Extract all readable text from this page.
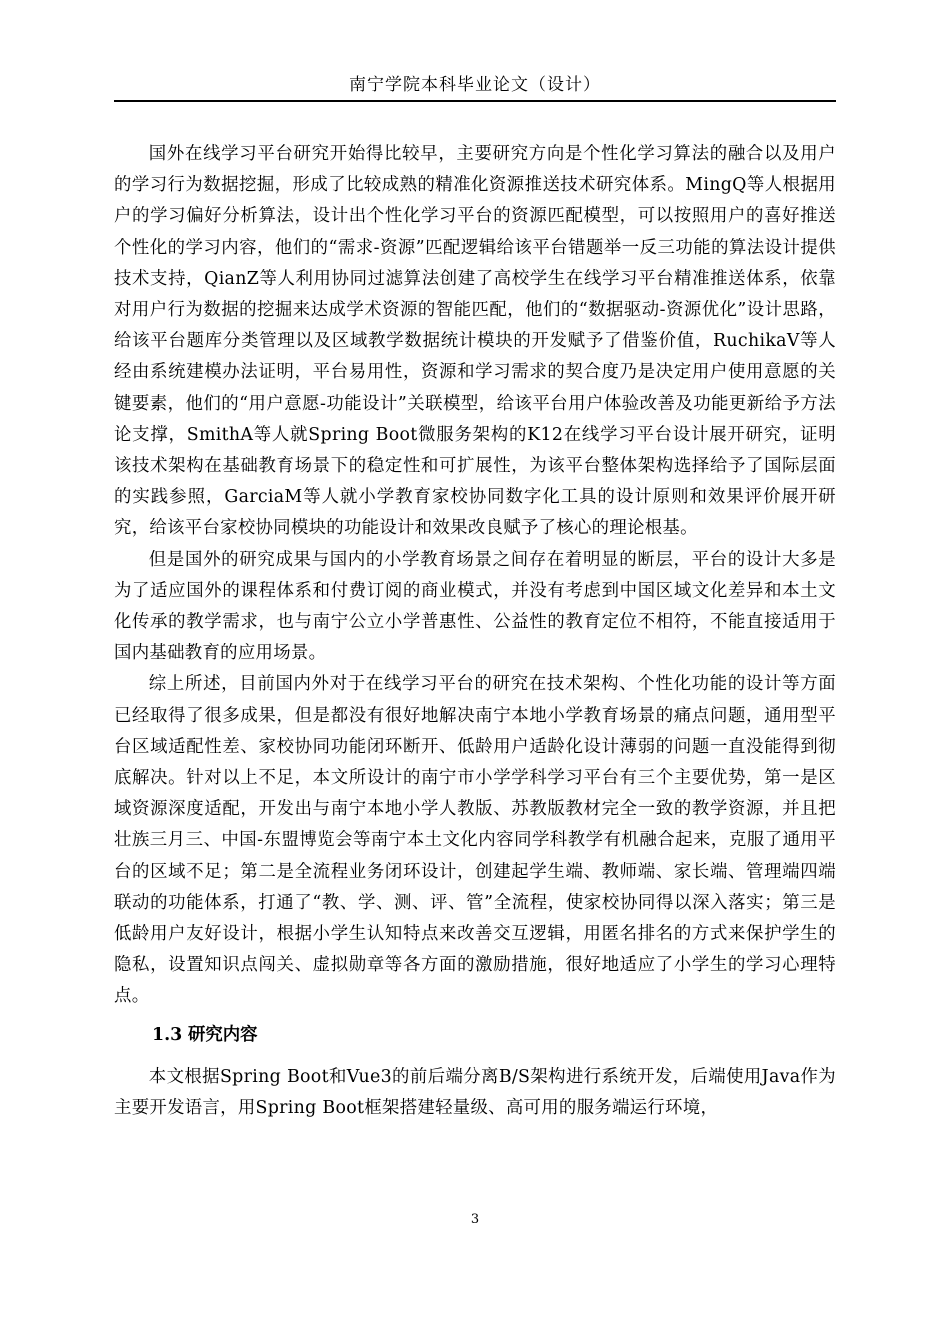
南宁学院本科毕业论文（设计）

国外在线学习平台研究开始得比较早，主要研究方向是个性化学习算法的融合以及用户的学习行为数据挖掘，形成了比较成熟的精准化资源推送技术研究体系。MingQ等人根据用户的学习偏好分析算法，设计出个性化学习平台的资源匹配模型，可以按照用户的喜好推送个性化的学习内容，他们的“需求-资源”匹配逻辑给该平台错题举一反三功能的算法设计提供技术支持，QianZ等人利用协同过滤算法创建了高校学生在线学习平台精准推送体系，依靠对用户行为数据的挖掘来达成学术资源的智能匹配，他们的“数据驱动-资源优化”设计思路，给该平台题库分类管理以及区域教学数据统计模块的开发赋予了借鉴价值，RuchikaV等人经由系统建模办法证明，平台易用性，资源和学习需求的契合度乃是决定用户使用意愿的关键要素，他们的“用户意愿-功能设计”关联模型，给该平台用户体验改善及功能更新给予方法论支撑，SmithA等人就Spring Boot微服务架构的K12在线学习平台设计展开研究，证明该技术架构在基础教育场景下的稳定性和可扩展性，为该平台整体架构选择给予了国际层面的实践参照，GarciaM等人就小学教育家校协同数字化工具的设计原则和效果评价展开研究，给该平台家校协同模块的功能设计和效果改良赋予了核心的理论根基。

但是国外的研究成果与国内的小学教育场景之间存在着明显的断层，平台的设计大多是为了适应国外的课程体系和付费订阅的商业模式，并没有考虑到中国区域文化差异和本土文化传承的教学需求，也与南宁公立小学普惠性、公益性的教育定位不相符，不能直接适用于国内基础教育的应用场景。

综上所述，目前国内外对于在线学习平台的研究在技术架构、个性化功能的设计等方面已经取得了很多成果，但是都没有很好地解决南宁本地小学教育场景的痛点问题，通用型平台区域适配性差、家校协同功能闭环断开、低龄用户适龄化设计薄弱的问题一直没能得到彻底解决。针对以上不足，本文所设计的南宁市小学学科学习平台有三个主要优势，第一是区域资源深度适配，开发出与南宁本地小学人教版、苏教版教材完全一致的教学资源，并且把壮族三月三、中国-东盟博览会等南宁本土文化内容同学科教学有机融合起来，克服了通用平台的区域不足；第二是全流程业务闭环设计，创建起学生端、教师端、家长端、管理端四端联动的功能体系，打通了“教、学、测、评、管”全流程，使家校协同得以深入落实；第三是低龄用户友好设计，根据小学生认知特点来改善交互逻辑，用匿名排名的方式来保护学生的隐私，设置知识点闯关、虚拟勋章等各方面的激励措施，很好地适应了小学生的学习心理特点。

1.3 研究内容

本文根据Spring Boot和Vue3的前后端分离B/S架构进行系统开发，后端使用Java作为主要开发语言，用Spring Boot框架搭建轻量级、高可用的服务端运行环境，

3
